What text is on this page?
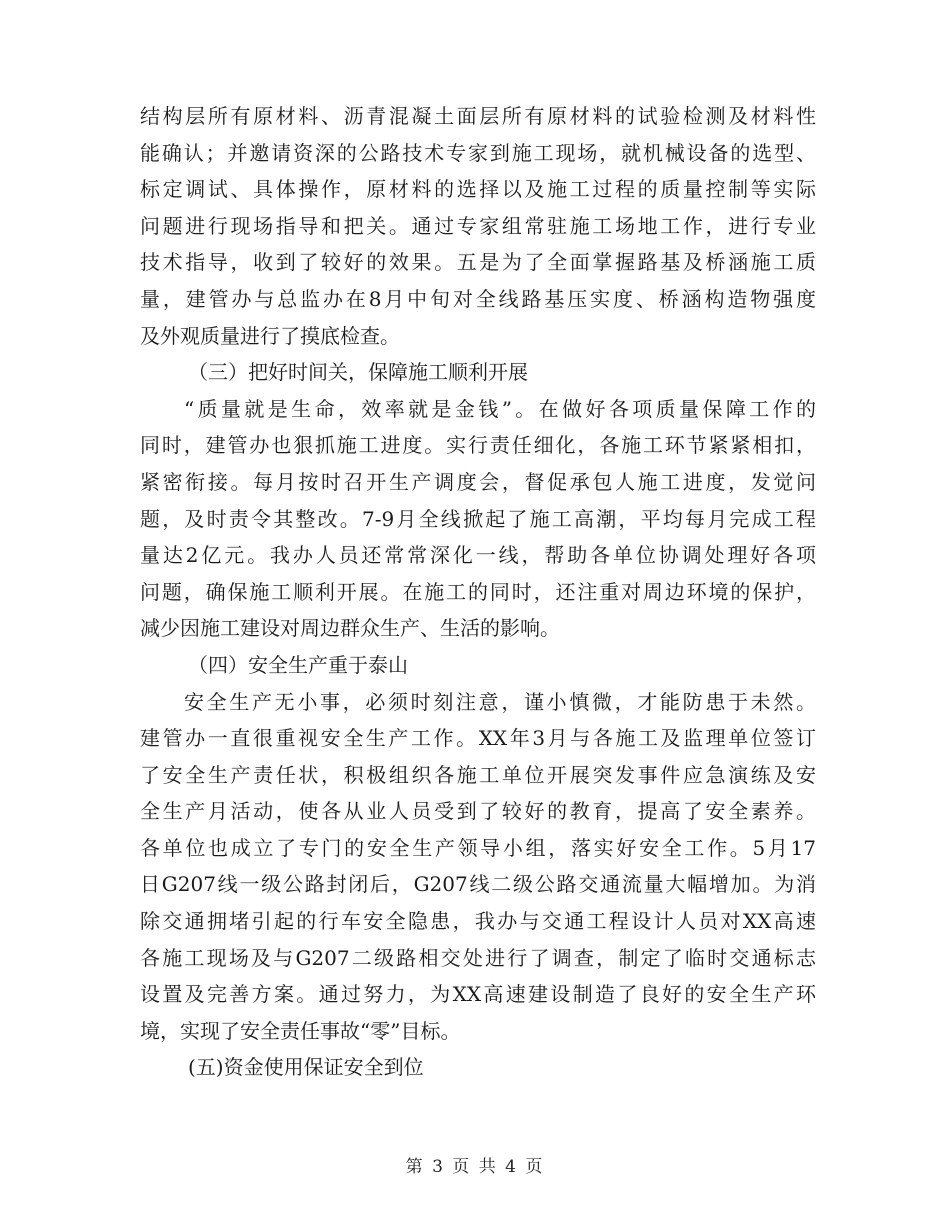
结构层所有原材料、沥青混凝土面层所有原材料的试验检测及材料性
能确认；并邀请资深的公路技术专家到施工现场，就机械设备的选型、
标定调试、具体操作，原材料的选择以及施工过程的质量控制等实际
问题进行现场指导和把关。通过专家组常驻施工场地工作，进行专业
技术指导，收到了较好的效果。五是为了全面掌握路基及桥涵施工质
量，建管办与总监办在8月中旬对全线路基压实度、桥涵构造物强度
及外观质量进行了摸底检查。
（三）把好时间关，保障施工顺利开展
“质量就是生命，效率就是金钱”。在做好各项质量保障工作的
同时，建管办也狠抓施工进度。实行责任细化，各施工环节紧紧相扣，
紧密衔接。每月按时召开生产调度会，督促承包人施工进度，发觉问
题，及时责令其整改。7-9月全线掀起了施工高潮，平均每月完成工程
量达2亿元。我办人员还常常深化一线，帮助各单位协调处理好各项
问题，确保施工顺利开展。在施工的同时，还注重对周边环境的保护，
减少因施工建设对周边群众生产、生活的影响。
（四）安全生产重于泰山
安全生产无小事，必须时刻注意，谨小慎微，才能防患于未然。
建管办一直很重视安全生产工作。XX年3月与各施工及监理单位签订
了安全生产责任状，积极组织各施工单位开展突发事件应急演练及安
全生产月活动，使各从业人员受到了较好的教育，提高了安全素养。
各单位也成立了专门的安全生产领导小组，落实好安全工作。5月17
日G207线一级公路封闭后，G207线二级公路交通流量大幅增加。为消
除交通拥堵引起的行车安全隐患，我办与交通工程设计人员对XX高速
各施工现场及与G207二级路相交处进行了调查，制定了临时交通标志
设置及完善方案。通过努力，为XX高速建设制造了良好的安全生产环
境，实现了安全责任事故“零”目标。
(五)资金使用保证安全到位
第 3 页 共 4 页
